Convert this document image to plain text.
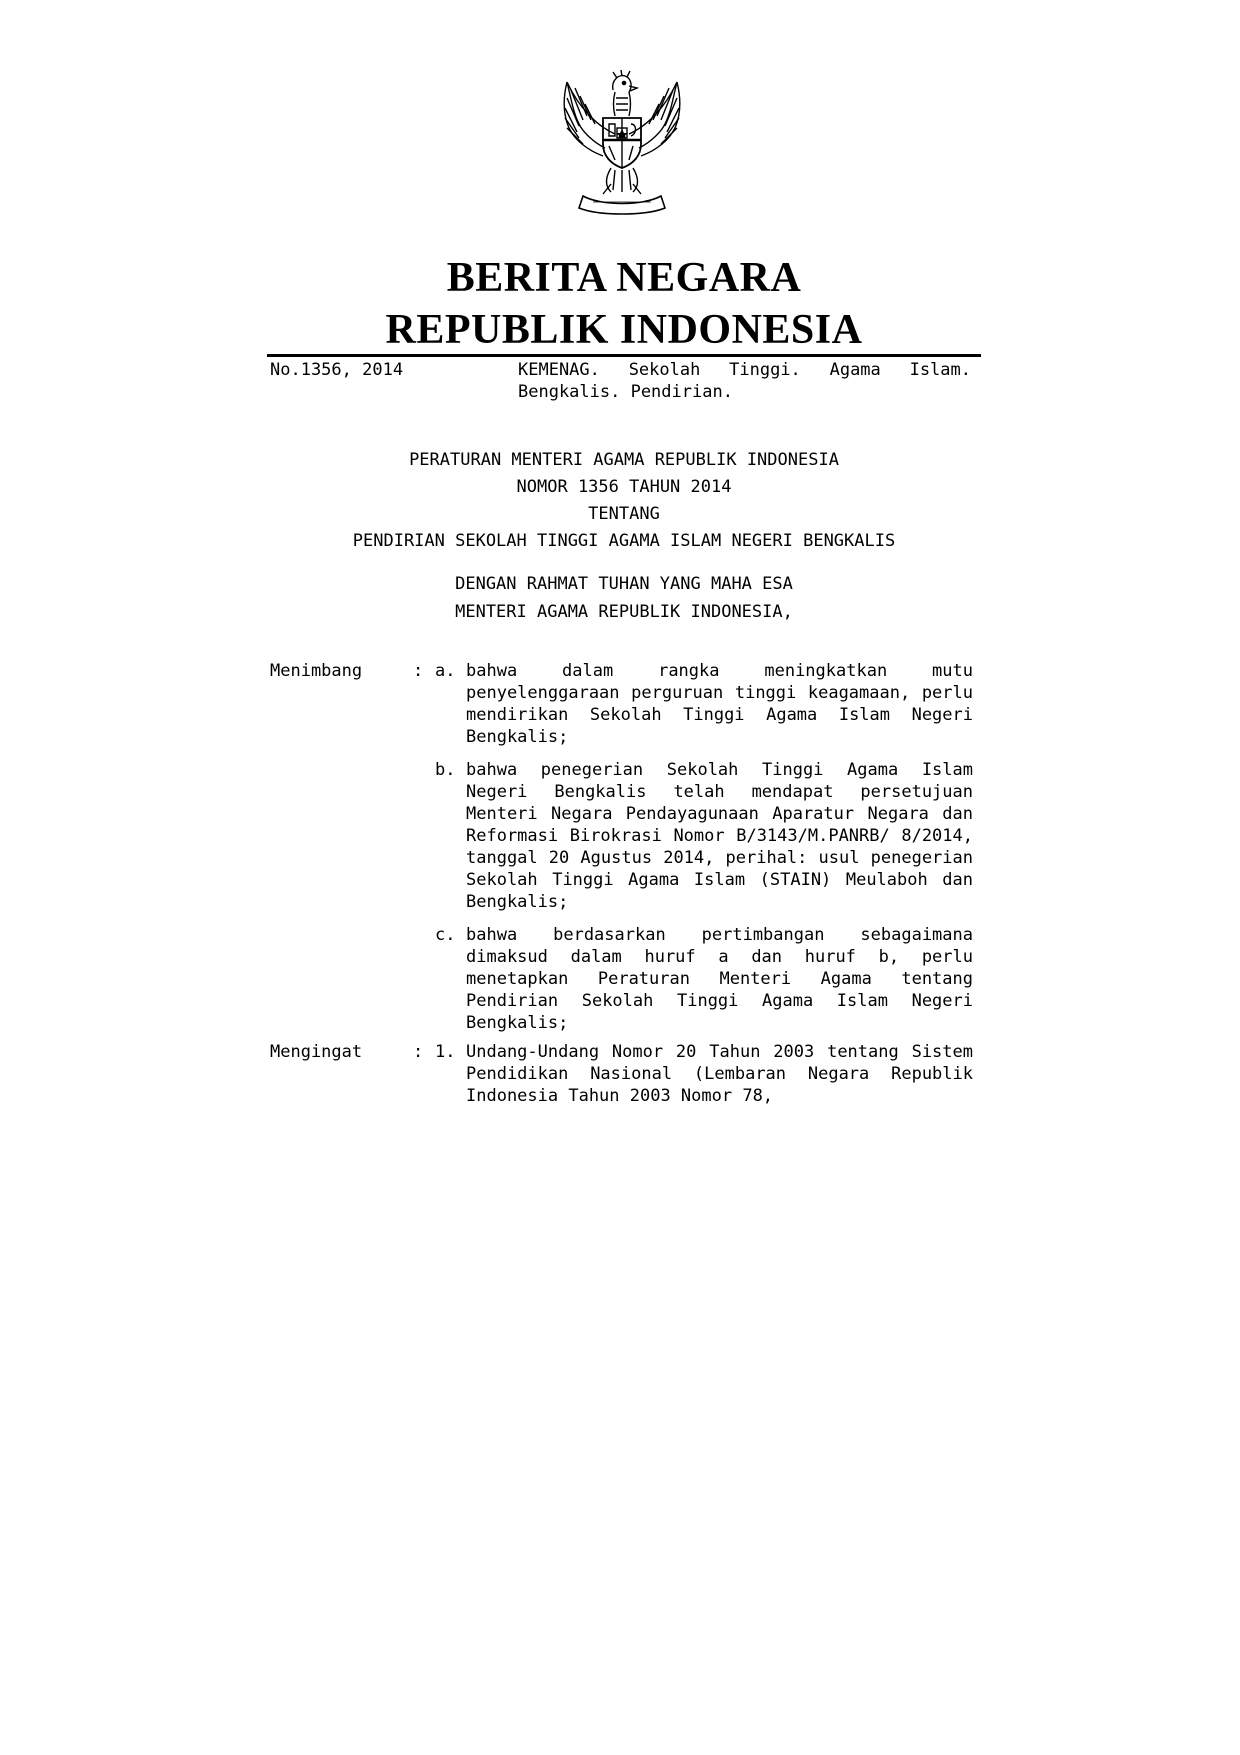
BERITA NEGARA
REPUBLIK INDONESIA
No.1356, 2014	KEMENAG. Sekolah Tinggi. Agama Islam. Bengkalis. Pendirian.
PERATURAN MENTERI AGAMA REPUBLIK INDONESIA
NOMOR 1356 TAHUN 2014
TENTANG
PENDIRIAN SEKOLAH TINGGI AGAMA ISLAM NEGERI BENGKALIS
DENGAN RAHMAT TUHAN YANG MAHA ESA
MENTERI AGAMA REPUBLIK INDONESIA,
Menimbang	: a. bahwa dalam rangka meningkatkan mutu penyelenggaraan perguruan tinggi keagamaan, perlu mendirikan Sekolah Tinggi Agama Islam Negeri Bengkalis;
b. bahwa penegerian Sekolah Tinggi Agama Islam Negeri Bengkalis telah mendapat persetujuan Menteri Negara Pendayagunaan Aparatur Negara dan Reformasi Birokrasi Nomor B/3143/M.PANRB/ 8/2014, tanggal 20 Agustus 2014, perihal: usul penegerian Sekolah Tinggi Agama Islam (STAIN) Meulaboh dan Bengkalis;
c. bahwa berdasarkan pertimbangan sebagaimana dimaksud dalam huruf a dan huruf b, perlu menetapkan Peraturan Menteri Agama tentang Pendirian Sekolah Tinggi Agama Islam Negeri Bengkalis;
Mengingat	: 1. Undang-Undang Nomor 20 Tahun 2003 tentang Sistem Pendidikan Nasional (Lembaran Negara Republik Indonesia Tahun 2003 Nomor 78,
